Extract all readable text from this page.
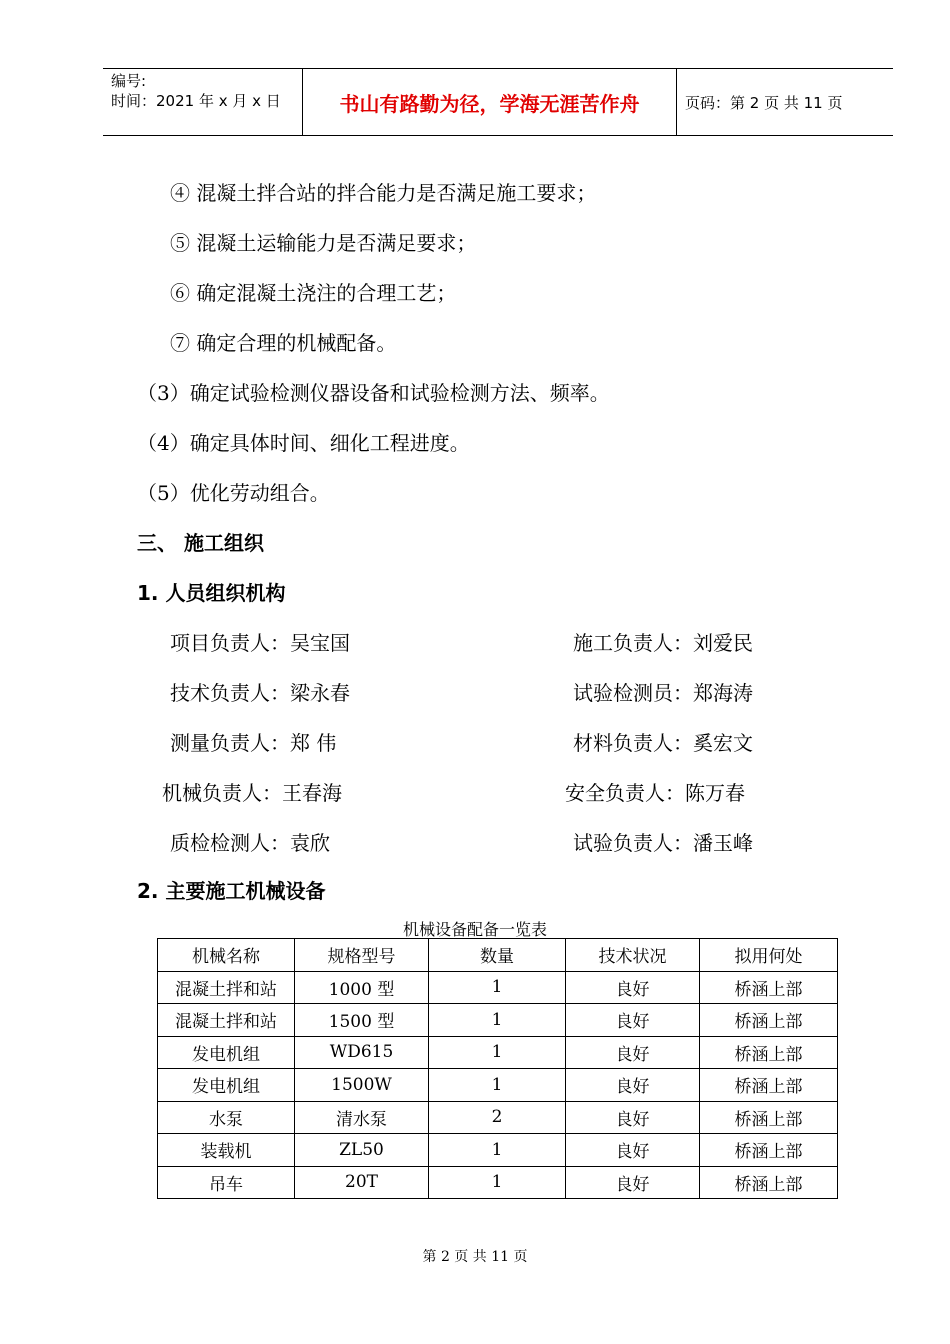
编号:
时间：2021 年 x 月 x 日	书山有路勤为径，学海无涯苦作舟	页码：第 2 页 共 11 页
④ 混凝土拌合站的拌合能力是否满足施工要求；
⑤ 混凝土运输能力是否满足要求；
⑥ 确定混凝土浇注的合理工艺；
⑦ 确定合理的机械配备。
（3）确定试验检测仪器设备和试验检测方法、频率。
（4）确定具体时间、细化工程进度。
（5）优化劳动组合。
三、 施工组织
1. 人员组织机构
项目负责人：吴宝国	施工负责人：刘爱民
技术负责人：梁永春	试验检测员：郑海涛
测量负责人：郑 伟	材料负责人：奚宏文
机械负责人：王春海	安全负责人：陈万春
质检检测人：袁欣	试验负责人：潘玉峰
2. 主要施工机械设备
机械设备配备一览表
机械名称	规格型号	数量	技术状况	拟用何处
混凝土拌和站	1000 型	1	良好	桥涵上部
混凝土拌和站	1500 型	1	良好	桥涵上部
发电机组	WD615	1	良好	桥涵上部
发电机组	1500W	1	良好	桥涵上部
水泵	清水泵	2	良好	桥涵上部
装载机	ZL50	1	良好	桥涵上部
吊车	20T	1	良好	桥涵上部
第 2 页 共 11 页
